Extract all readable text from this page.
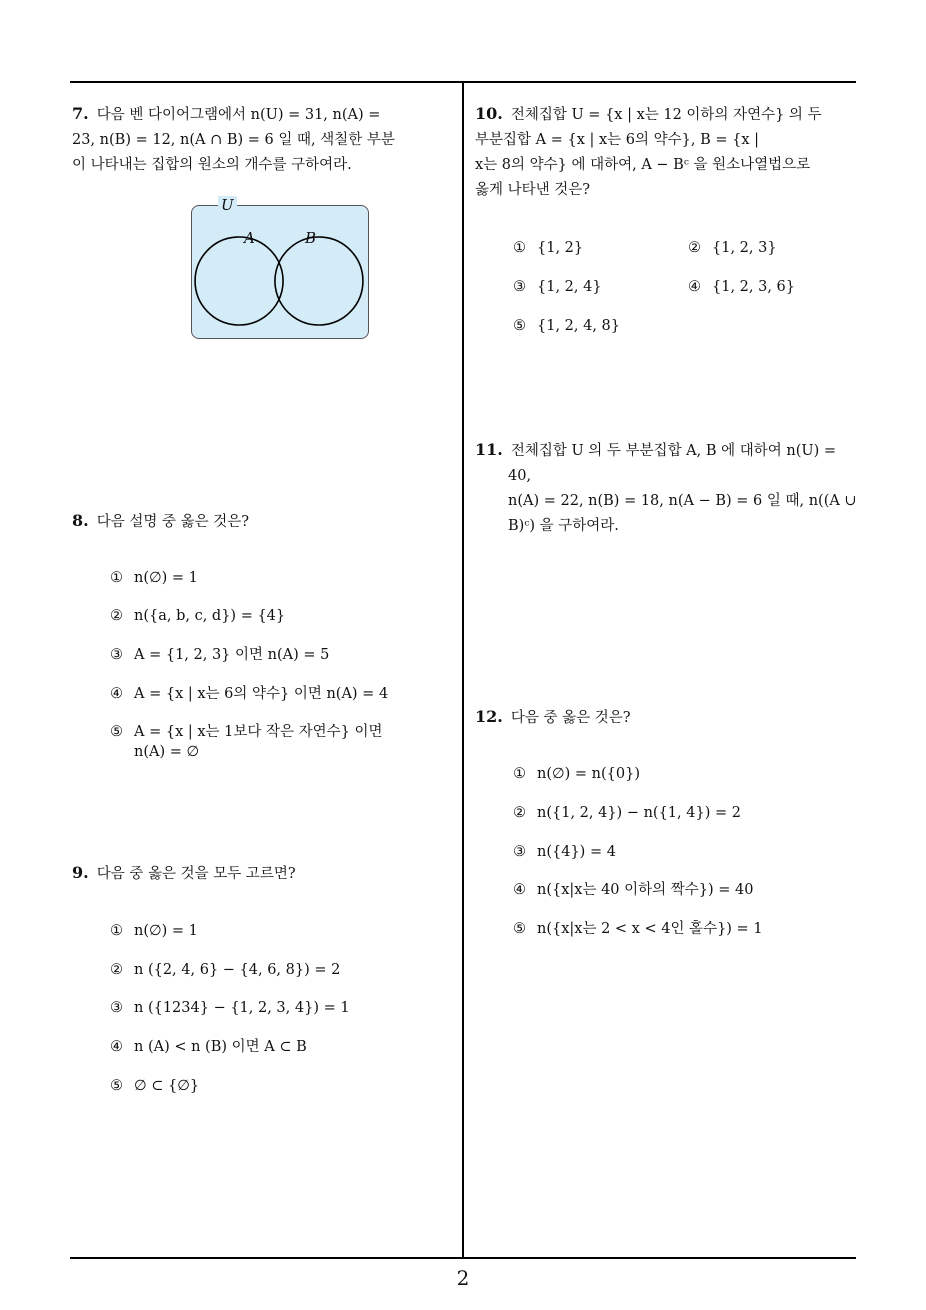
7. 다음 벤 다이어그램에서 n(U) = 31, n(A) =
23, n(B) = 12, n(A ∩ B) = 6 일 때, 색칠한 부분
이 나타내는 집합의 원소의 개수를 구하여라.
U
A	B
8. 다음 설명 중 옳은 것은?
① n(∅) = 1
② n({a, b, c, d}) = {4}
③ A = {1, 2, 3} 이면 n(A) = 5
④ A = {x | x는 6의 약수} 이면 n(A) = 4
⑤ A = {x | x는 1보다 작은 자연수} 이면
n(A) = ∅
9. 다음 중 옳은 것을 모두 고르면?
① n(∅) = 1
② n ({2, 4, 6} − {4, 6, 8}) = 2
③ n ({1234} − {1, 2, 3, 4}) = 1
④ n (A) < n (B) 이면 A ⊂ B
⑤ ∅ ⊂ {∅}
10. 전체집합 U = {x | x는 12 이하의 자연수} 의 두
부분집합 A = {x | x는 6의 약수}, B = {x |
x는 8의 약수} 에 대하여, A − Bᶜ 을 원소나열법으로
옳게 나타낸 것은?
① {1, 2}	② {1, 2, 3}
③ {1, 2, 4}	④ {1, 2, 3, 6}
⑤ {1, 2, 4, 8}
11. 전체집합 U 의 두 부분집합 A, B 에 대하여 n(U) =
40,
n(A) = 22, n(B) = 18, n(A − B) = 6 일 때, n((A ∪
B)ᶜ) 을 구하여라.
12. 다음 중 옳은 것은?
① n(∅) = n({0})
② n({1, 2, 4}) − n({1, 4}) = 2
③ n({4}) = 4
④ n({x|x는 40 이하의 짝수}) = 40
⑤ n({x|x는 2 < x < 4인 홀수}) = 1
2
